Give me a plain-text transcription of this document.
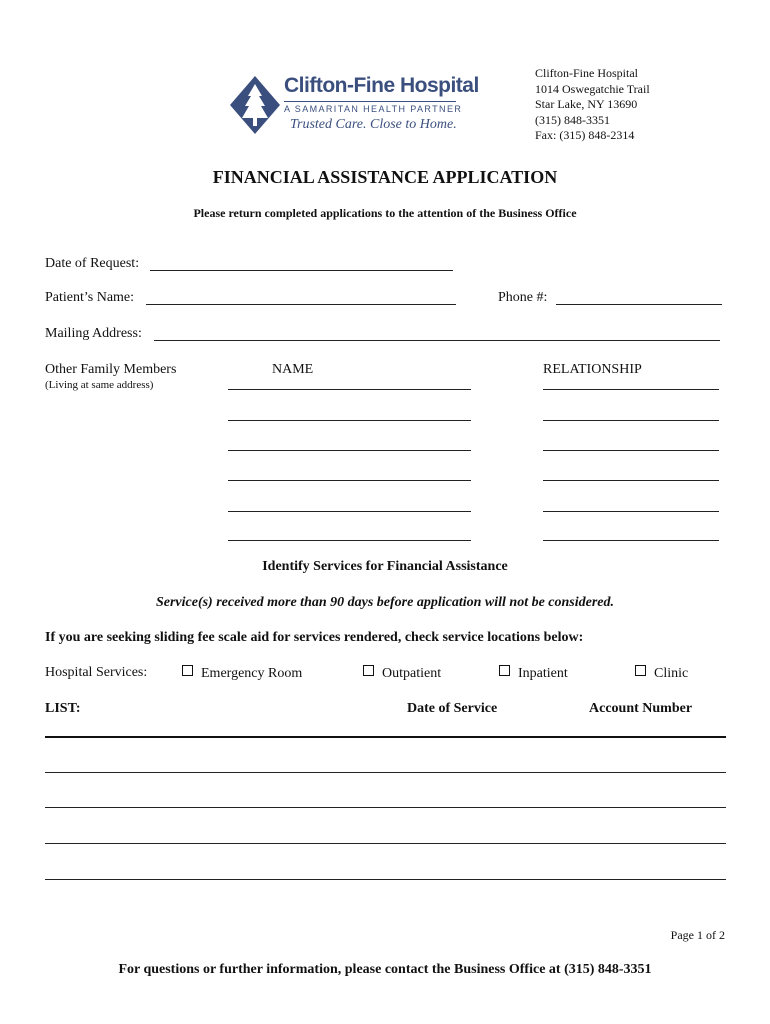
Clifton-Fine Hospital
A SAMARITAN HEALTH PARTNER
Trusted Care. Close to Home.
Clifton-Fine Hospital
1014 Oswegatchie Trail
Star Lake, NY 13690
(315) 848-3351
Fax: (315) 848-2314
FINANCIAL ASSISTANCE APPLICATION
Please return completed applications to the attention of the Business Office
Date of Request:
Patient’s Name:	Phone #:
Mailing Address:
Other Family Members
(Living at same address)
NAME	RELATIONSHIP
Identify Services for Financial Assistance
Service(s) received more than 90 days before application will not be considered.
If you are seeking sliding fee scale aid for services rendered, check service locations below:
Hospital Services:	Emergency Room	Outpatient	Inpatient	Clinic
LIST:	Date of Service	Account Number
Page 1 of 2
For questions or further information, please contact the Business Office at (315) 848-3351
